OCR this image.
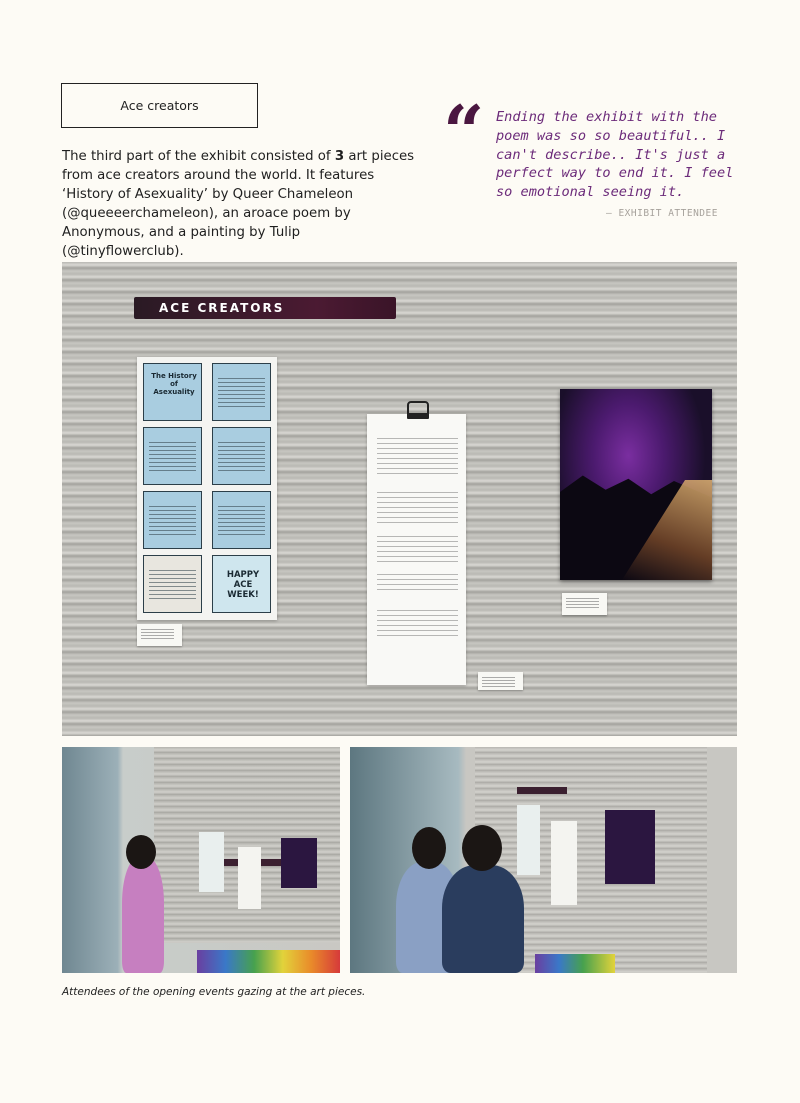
Ace creators

The third part of the exhibit consisted of 3 art pieces from ace creators around the world. It features ‘History of Asexuality’ by Queer Chameleon (@queeeerchameleon), an aroace poem by Anonymous, and a painting by Tulip (@tinyflowerclub).

“ Ending the exhibit with the poem was so so beautiful.. I can't describe.. It's just a perfect way to end it. I feel so emotional seeing it.

— EXHIBIT ATTENDEE
ACE CREATORS
The History of Asexuality
HAPPY ACE WEEK!
Attendees of the opening events gazing at the art pieces.
